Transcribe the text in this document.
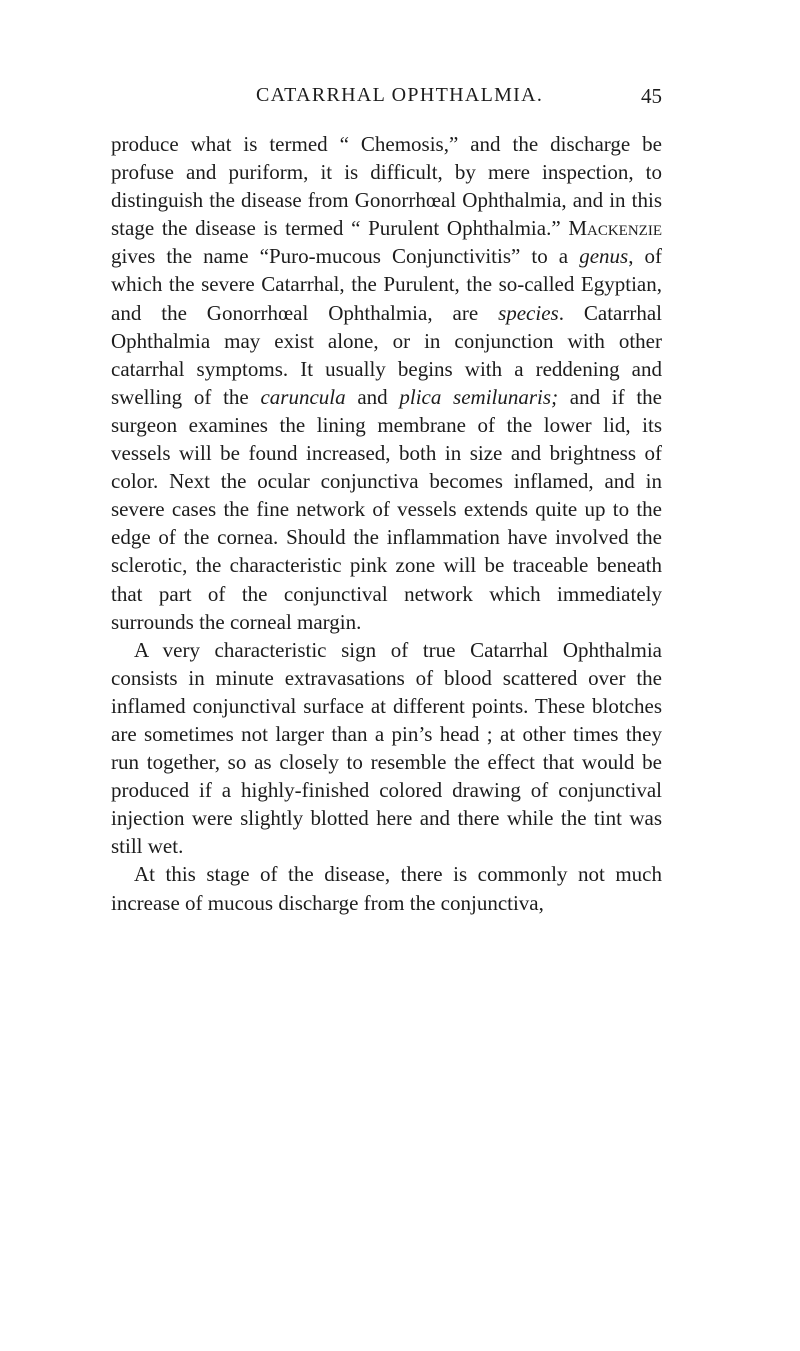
CATARRHAL OPHTHALMIA.	45

produce what is termed “ Chemosis,” and the discharge be profuse and puriform, it is difficult, by mere inspection, to distinguish the disease from Gonorrhœal Ophthalmia, and in this stage the disease is termed “ Purulent Ophthalmia.” Mackenzie gives the name “Puro-mucous Conjunctivitis” to a genus, of which the severe Catarrhal, the Purulent, the so-called Egyptian, and the Gonorrhœal Ophthalmia, are species. Catarrhal Ophthalmia may exist alone, or in conjunction with other catarrhal symptoms. It usually begins with a reddening and swelling of the caruncula and plica semilunaris; and if the surgeon examines the lining membrane of the lower lid, its vessels will be found increased, both in size and brightness of color. Next the ocular conjunctiva becomes inflamed, and in severe cases the fine network of vessels extends quite up to the edge of the cornea. Should the inflammation have involved the sclerotic, the characteristic pink zone will be traceable beneath that part of the conjunctival network which immediately surrounds the corneal margin.

A very characteristic sign of true Catarrhal Ophthalmia consists in minute extravasations of blood scattered over the inflamed conjunctival surface at different points. These blotches are sometimes not larger than a pin’s head ; at other times they run together, so as closely to resemble the effect that would be produced if a highly-finished colored drawing of conjunctival injection were slightly blotted here and there while the tint was still wet.

At this stage of the disease, there is commonly not much increase of mucous discharge from the conjunctiva,
